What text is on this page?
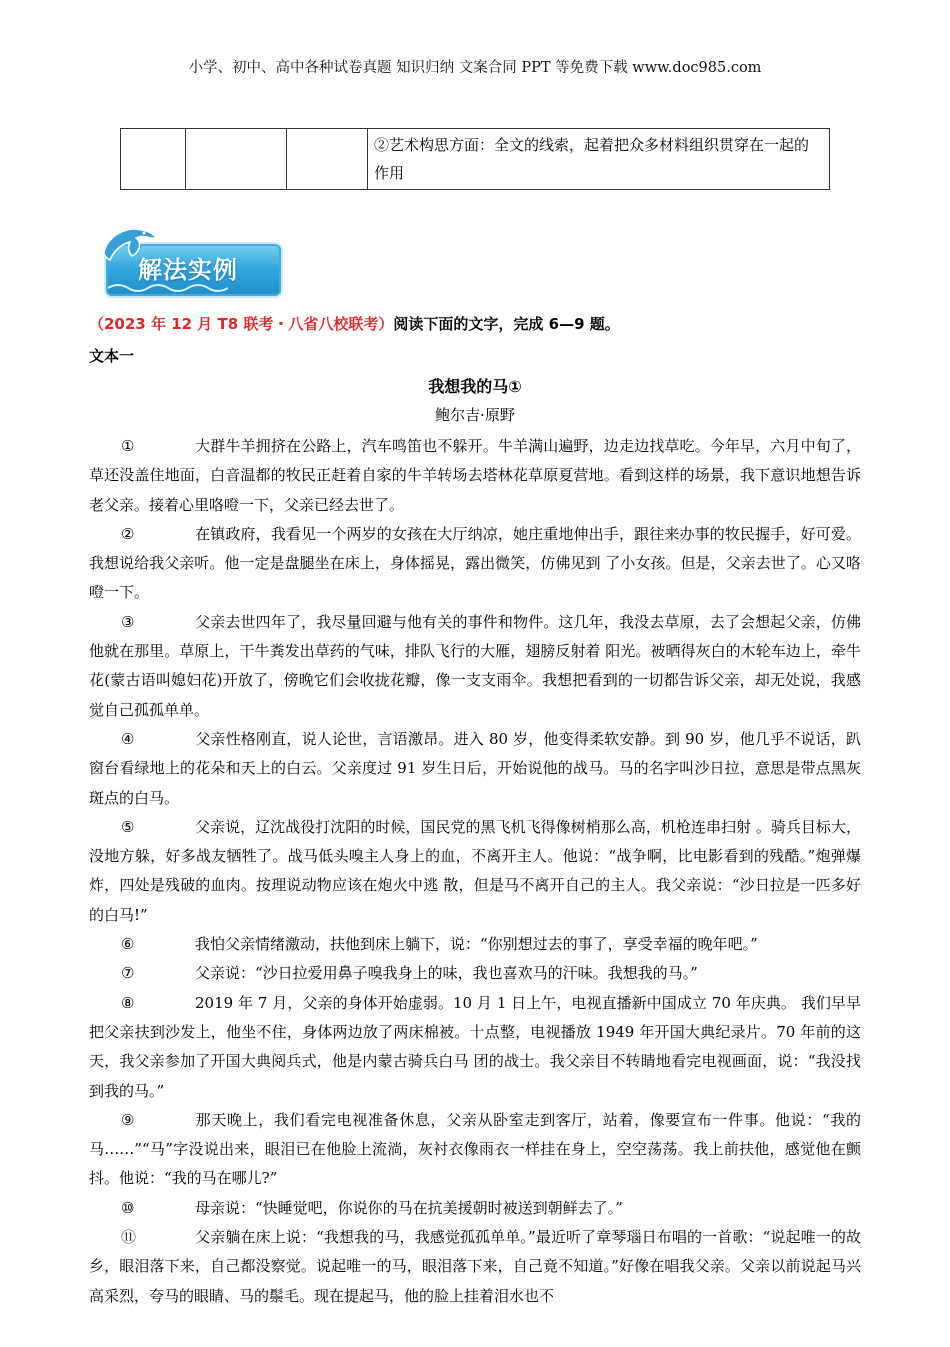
小学、初中、高中各种试卷真题 知识归纳 文案合同 PPT 等免费下载 www.doc985.com
			②艺术构思方面：全文的线索，起着把众多材料组织贯穿在一起的作用
解法实例
（2023 年 12 月 T8 联考・八省八校联考）阅读下面的文字，完成 6—9 题。
文本一
我想我的马①
鲍尔吉·原野

①	大群牛羊拥挤在公路上，汽车鸣笛也不躲开。牛羊满山遍野，边走边找草吃。今年早，六月中旬了，草还没盖住地面，白音温都的牧民正赶着自家的牛羊转场去塔林花草原夏营地。看到这样的场景，我下意识地想告诉老父亲。接着心里咯噔一下，父亲已经去世了。

②	在镇政府，我看见一个两岁的女孩在大厅纳凉，她庄重地伸出手，跟往来办事的牧民握手，好可爱。我想说给我父亲听。他一定是盘腿坐在床上，身体摇晃，露出微笑，仿佛见到 了小女孩。但是，父亲去世了。心又咯噔一下。

③	父亲去世四年了，我尽量回避与他有关的事件和物件。这几年，我没去草原，去了会想起父亲，仿佛他就在那里。草原上，干牛粪发出草药的气味，排队飞行的大雁，翅膀反射着 阳光。被晒得灰白的木轮车边上，牵牛花(蒙古语叫媳妇花)开放了，傍晚它们会收拢花瓣，像一支支雨伞。我想把看到的一切都告诉父亲，却无处说，我感觉自己孤孤单单。

④	父亲性格刚直，说人论世，言语激昂。进入 80 岁，他变得柔软安静。到 90 岁，他几乎不说话，趴窗台看绿地上的花朵和天上的白云。父亲度过 91 岁生日后，开始说他的战马。马的名字叫沙日拉，意思是带点黑灰斑点的白马。

⑤	父亲说，辽沈战役打沈阳的时候，国民党的黑飞机飞得像树梢那么高，机枪连串扫射 。骑兵目标大，没地方躲，好多战友牺牲了。战马低头嗅主人身上的血，不离开主人。他说：“战争啊，比电影看到的残酷。”炮弹爆炸，四处是残破的血肉。按理说动物应该在炮火中逃 散，但是马不离开自己的主人。我父亲说：“沙日拉是一匹多好的白马!”

⑥	我怕父亲情绪激动，扶他到床上躺下，说：“你别想过去的事了，享受幸福的晚年吧。”

⑦	父亲说：“沙日拉爱用鼻子嗅我身上的味，我也喜欢马的汗味。我想我的马。”

⑧	2019 年 7 月，父亲的身体开始虚弱。10 月 1 日上午，电视直播新中国成立 70 年庆典。 我们早早把父亲扶到沙发上，他坐不住，身体两边放了两床棉被。十点整，电视播放 1949 年开国大典纪录片。70 年前的这天，我父亲参加了开国大典阅兵式，他是内蒙古骑兵白马 团的战士。我父亲目不转睛地看完电视画面，说：“我没找到我的马。”

⑨	那天晚上，我们看完电视准备休息，父亲从卧室走到客厅，站着，像要宣布一件事。他说：“我的马……”“马”字没说出来，眼泪已在他脸上流淌，灰衬衣像雨衣一样挂在身上，空空荡荡。我上前扶他，感觉他在颤抖。他说：“我的马在哪儿?”

⑩	母亲说：“快睡觉吧，你说你的马在抗美援朝时被送到朝鲜去了。”

⑪	父亲躺在床上说：“我想我的马，我感觉孤孤单单。”最近听了章琴瑙日布唱的一首歌：“说起唯一的故乡，眼泪落下来，自己都没察觉。说起唯一的马，眼泪落下来，自己竟不知道。”好像在唱我父亲。父亲以前说起马兴高采烈，夸马的眼睛、马的鬃毛。现在提起马，他的脸上挂着泪水也不
